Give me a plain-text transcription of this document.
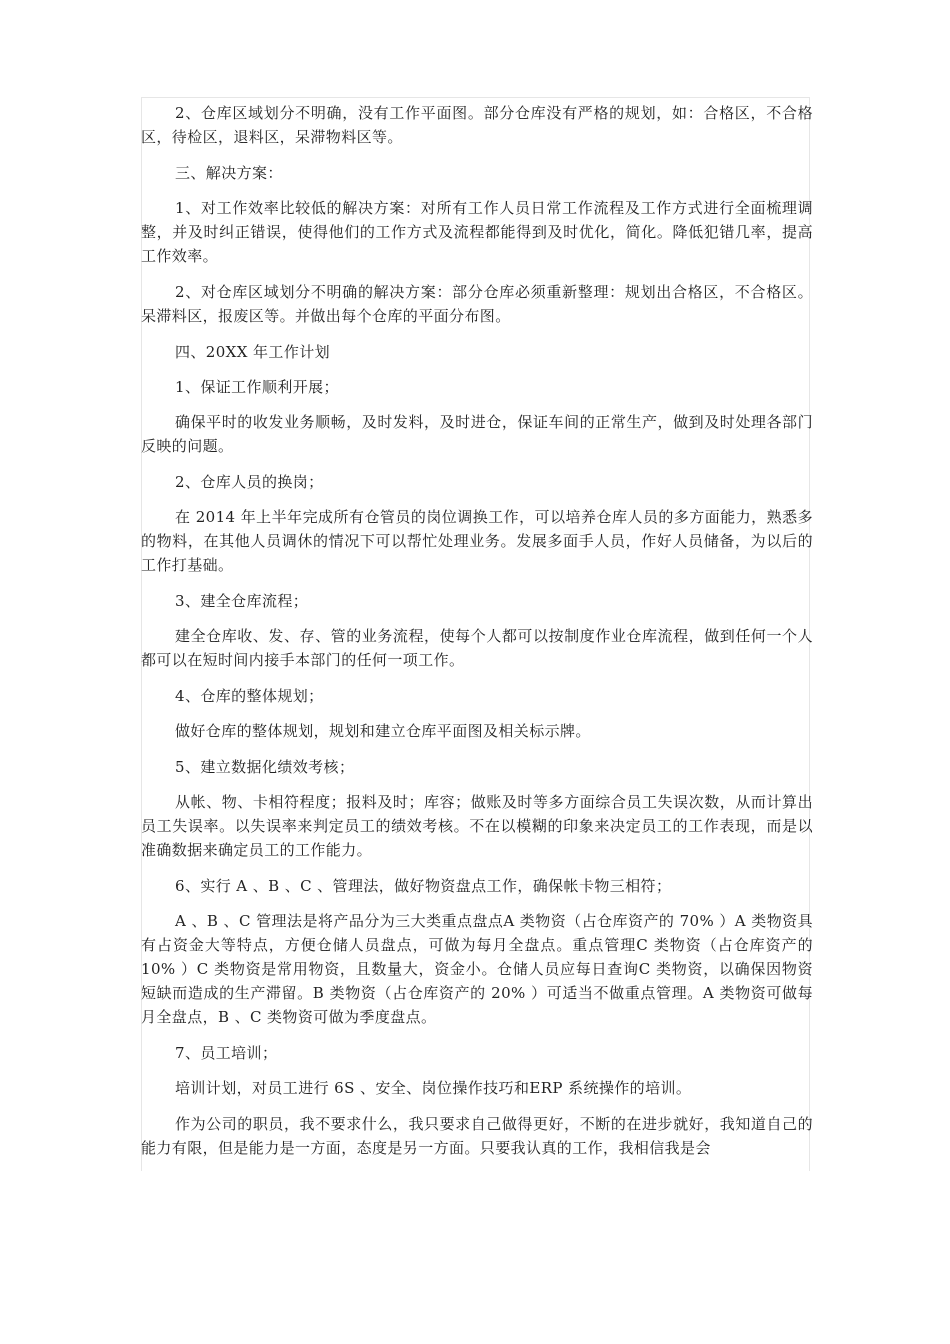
2、仓库区域划分不明确，没有工作平面图。部分仓库没有严格的规划，如：合格区，不合格区，待检区，退料区，呆滞物料区等。

三、解决方案：

1、对工作效率比较低的解决方案：对所有工作人员日常工作流程及工作方式进行全面梳理调整，并及时纠正错误，使得他们的工作方式及流程都能得到及时优化，简化。降低犯错几率，提高工作效率。

2、对仓库区域划分不明确的解决方案：部分仓库必须重新整理：规划出合格区，不合格区。呆滞料区，报废区等。并做出每个仓库的平面分布图。

四、20XX 年工作计划

1、保证工作顺利开展；

确保平时的收发业务顺畅，及时发料，及时进仓，保证车间的正常生产，做到及时处理各部门反映的问题。

2、仓库人员的换岗；

在 2014 年上半年完成所有仓管员的岗位调换工作，可以培养仓库人员的多方面能力，熟悉多的物料，在其他人员调休的情况下可以帮忙处理业务。发展多面手人员，作好人员储备，为以后的工作打基础。

3、建全仓库流程；

建全仓库收、发、存、管的业务流程，使每个人都可以按制度作业仓库流程，做到任何一个人都可以在短时间内接手本部门的任何一项工作。

4、仓库的整体规划；

做好仓库的整体规划，规划和建立仓库平面图及相关标示牌。

5、建立数据化绩效考核；

从帐、物、卡相符程度；报料及时；库容；做账及时等多方面综合员工失误次数，从而计算出员工失误率。以失误率来判定员工的绩效考核。不在以模糊的印象来决定员工的工作表现，而是以准确数据来确定员工的工作能力。

6、实行 A 、B 、C 、管理法，做好物资盘点工作，确保帐卡物三相符；

A 、B 、C 管理法是将产品分为三大类重点盘点A 类物资（占仓库资产的 70% ）A 类物资具有占资金大等特点，方便仓储人员盘点，可做为每月全盘点。重点管理C 类物资（占仓库资产的 10% ）C 类物资是常用物资，且数量大，资金小。仓储人员应每日查询C 类物资，以确保因物资短缺而造成的生产滞留。B 类物资（占仓库资产的 20% ）可适当不做重点管理。A 类物资可做每月全盘点，B 、C 类物资可做为季度盘点。

7、员工培训；

培训计划，对员工进行 6S 、安全、岗位操作技巧和ERP 系统操作的培训。

作为公司的职员，我不要求什么，我只要求自己做得更好，不断的在进步就好，我知道自己的能力有限，但是能力是一方面，态度是另一方面。只要我认真的工作，我相信我是会
